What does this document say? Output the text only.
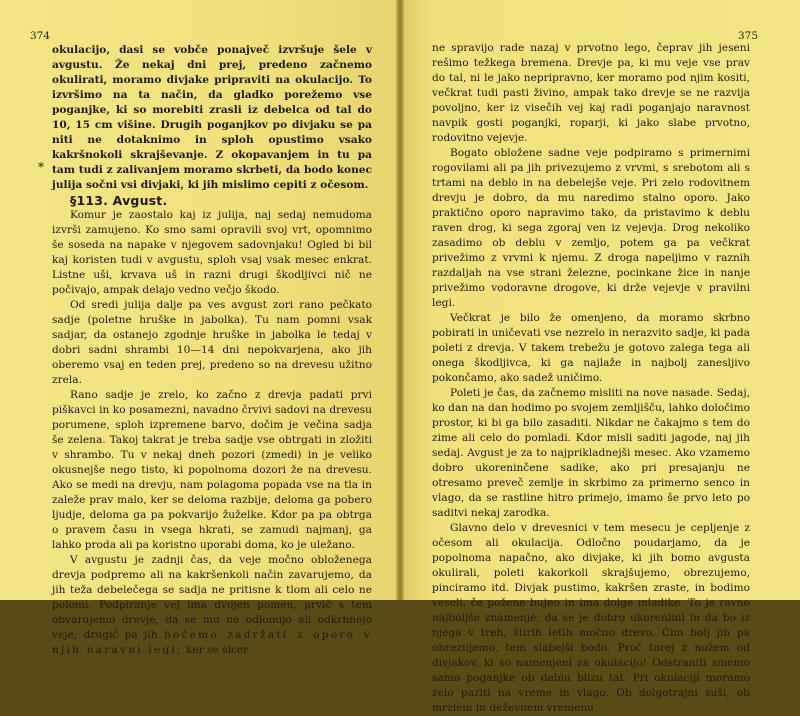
374
*

okulacijo, dasi se vobče ponajveč izvršuje šele v avgustu. Že nekaj dni prej, predeno začnemo okulirati, moramo divjake pripraviti na okulacijo. To izvršimo na ta način, da gladko porežemo vse poganjke, ki so morebiti zrasli iz debelca od tal do 10, 15 cm višine. Drugih poganjkov po divjaku se pa niti ne dotaknimo in sploh opustimo vsako kakršnokoli skrajševanje. Z okopavanjem in tu pa tam tudi z zalivanjem moramo skrbeti, da bodo konec julija sočni vsi divjaki, ki jih mislimo cepiti z očesom.

§113. Avgust.

Komur je zaostalo kaj iz julija, naj sedaj nemudoma izvrši zamujeno. Ko smo sami opravili svoj vrt, opomnimo še soseda na napake v njegovem sadovnjaku! Ogled bi bil kaj koristen tudi v avgustu, sploh vsaj vsak mesec enkrat. Listne uši, krvava uš in razni drugi škodljivci nič ne počivajo, ampak delajo vedno večjo škodo.

Od sredi julija dalje pa ves avgust zori rano pečkato sadje (poletne hruške in jabolka). Tu nam pomni vsak sadjar, da ostanejo zgodnje hruške in jabolka le tedaj v dobri sadni shrambi 10—14 dni nepokvarjena, ako jih oberemo vsaj en teden prej, predeno so na drevesu užitno zrela.

Rano sadje je zrelo, ko začno z drevja padati prvi piškavci in ko posamezni, navadno črvivi sadovi na drevesu porumene, sploh izpremene barvo, dočim je večina sadja še zelena. Takoj takrat je treba sadje vse obtrgati in zložiti v shrambo. Tu v nekaj dneh pozori (zmedi) in je veliko okusnejše nego tisto, ki popolnoma dozori že na drevesu. Ako se medi na drevju, nam polagoma popada vse na tla in zaleže prav malo, ker se deloma razbije, deloma ga pobero ljudje, deloma ga pa pokvarijo žuželke. Kdor pa pa obtrga o pravem času in vsega hkrati, se zamudi najmanj, ga lahko proda ali pa koristno uporabi doma, ko je uležano.

V avgustu je zadnji čas, da veje močno obloženega drevja podpremo ali na kakršenkoli način zavarujemo, da jih teža debelečega se sadja ne pritisne k tlom ali celo ne polomi. Podpiranje vej ima dvojen pomen, prvič s tem obvarujemo drevje, da se mu ne odlomijo ali odkrhnejo veje, drugič pa jih hočemo zadržati z oporo v njih naravni legi, ker se sicer

375

ne spravijo rade nazaj v prvotno lego, čeprav jih jeseni rešimo težkega bremena. Drevje pa, ki mu veje vse prav do tal, ni le jako nepripravno, ker moramo pod njim kositi, večkrat tudi pasti živino, ampak tako drevje se ne razvija povoljno, ker iz visečih vej kaj radi poganjajo naravnost navpik gosti poganjki, roparji, ki jako slabe prvotno, rodovitno vejevje.

Bogato obložene sadne veje podpiramo s primernimi rogovilami ali pa jih privezujemo z vrvmi, s srebotom ali s trtami na deblo in na debelejše veje. Pri zelo rodovitnem drevju je dobro, da mu naredimo stalno oporo. Jako praktično oporo napravimo tako, da pristavimo k deblu raven drog, ki sega zgoraj ven iz vejevja. Drog nekoliko zasadimo ob deblu v zemljo, potem ga pa večkrat privežimo z vrvmi k njemu. Z droga napeljimo v raznih razdaljah na vse strani železne, pocinkane žice in nanje privežimo vodoravne drogove, ki drže vejevje v pravilni legi.

Večkrat je bilo že omenjeno, da moramo skrbno pobirati in uničevati vse nezrelo in nerazvito sadje, ki pada poleti z drevja. V takem trebežu je gotovo zalega tega ali onega škodljivca, ki ga najlaže in najbolj zanesljivo pokončamo, ako sadež uničimo.

Poleti je čas, da začnemo misliti na nove nasade. Sedaj, ko dan na dan hodimo po svojem zemljišču, lahko določimo prostor, ki bi ga bilo zasaditi. Nikdar ne čakajmo s tem do zime ali celo do pomladi. Kdor misli saditi jagode, naj jih sedaj. Avgust je za to najprikladnejši mesec. Ako vzamemo dobro ukoreninčene sadike, ako pri presajanju ne otresamo preveč zemlje in skrbimo za primerno senco in vlago, da se rastline hitro primejo, imamo še prvo leto po saditvi nekaj zarodka.

Glavno delo v drevesnici v tem mesecu je cepljenje z očesom ali okulacija. Odločno poudarjamo, da je popolnoma napačno, ako divjake, ki jih bomo avgusta okulirali, poleti kakorkoli skrajšujemo, obrezujemo, pinciramo itd. Divjak pustimo, kakršen zraste, in bodimo veseli, če požene bujno in ima dolge mladike. To je ravno najboljše znamenje, da se je dobro ukoreninil in da bo iz njega v treh, štirih letih močno drevo. Čim bolj jih pa obrezujemo, tem slabejši bodo. Proč torej z nožem od divjakov, ki so namenjeni za okulacijo! Odstraniti smemo samo poganjke ob deblu blizu tal. Pri okulaciji moramo zelo paziti na vreme in vlago. Ob dolgotrajni suši, ob mrzlem in deževnem vremenu
